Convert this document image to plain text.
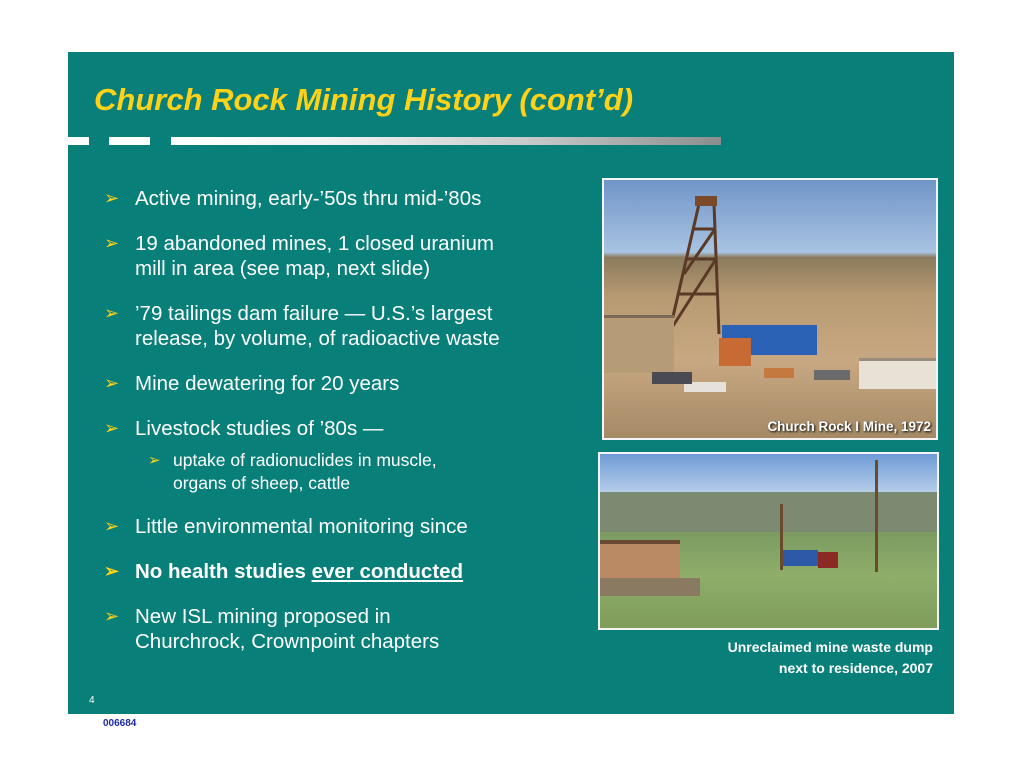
Church Rock Mining History (cont’d)
➢ Active mining, early-’50s thru mid-’80s
➢ 19 abandoned mines, 1 closed uranium
mill in area (see map, next slide)
➢ ’79 tailings dam failure — U.S.’s largest
release, by volume, of radioactive waste
➢ Mine dewatering for 20 years
➢ Livestock studies of ’80s —
➢ uptake of radionuclides in muscle,
organs of sheep, cattle
➢ Little environmental monitoring since
➢ No health studies ever conducted
➢ New ISL mining proposed in
Churchrock, Crownpoint chapters
Church Rock I Mine, 1972
Unreclaimed mine waste dump
next to residence, 2007
4
006684
